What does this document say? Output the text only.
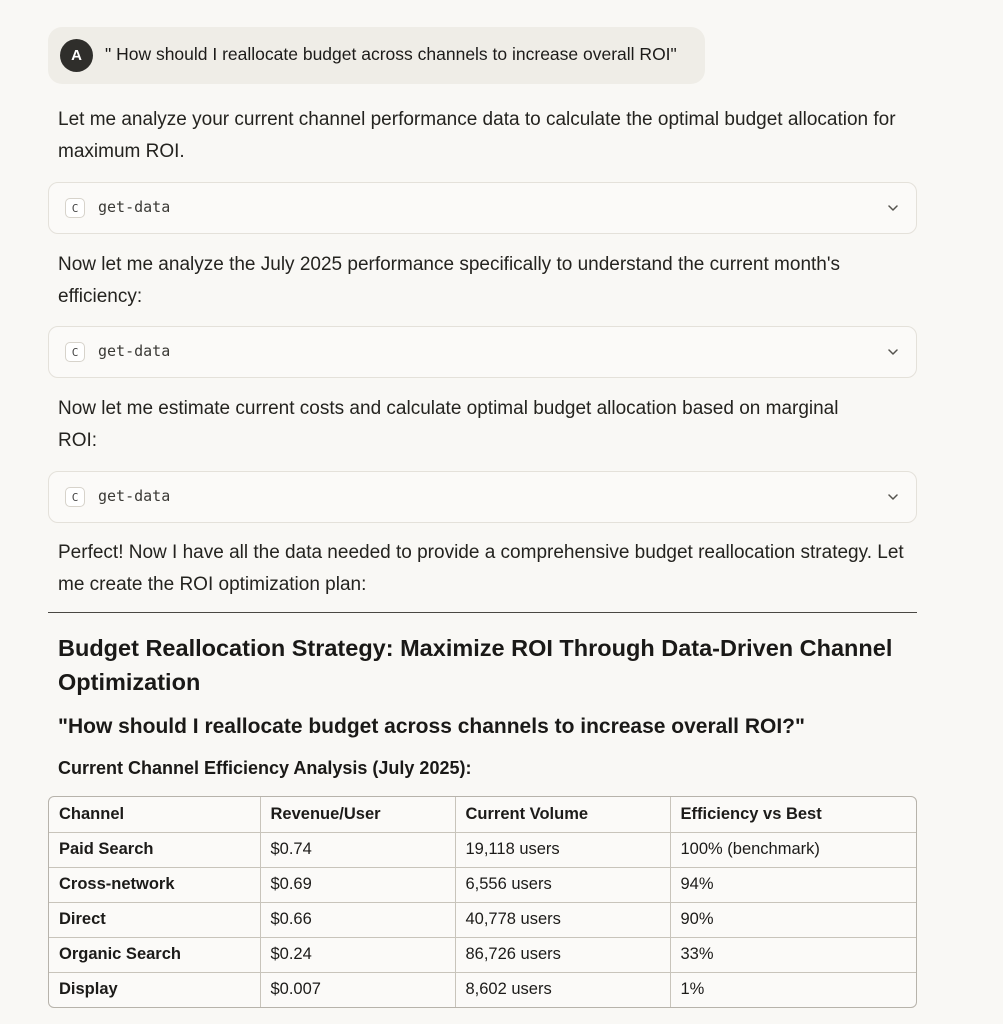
A	" How should I reallocate budget across channels to increase overall ROI"
Let me analyze your current channel performance data to calculate the optimal budget allocation for maximum ROI.
C	get-data
Now let me analyze the July 2025 performance specifically to understand the current month's efficiency:
C	get-data
Now let me estimate current costs and calculate optimal budget allocation based on marginal ROI:
C	get-data
Perfect! Now I have all the data needed to provide a comprehensive budget reallocation strategy. Let me create the ROI optimization plan:
Budget Reallocation Strategy: Maximize ROI Through Data-Driven Channel Optimization
"How should I reallocate budget across channels to increase overall ROI?"
Current Channel Efficiency Analysis (July 2025):
Channel	Revenue/User	Current Volume	Efficiency vs Best
Paid Search	$0.74	19,118 users	100% (benchmark)
Cross-network	$0.69	6,556 users	94%
Direct	$0.66	40,778 users	90%
Organic Search	$0.24	86,726 users	33%
Display	$0.007	8,602 users	1%
